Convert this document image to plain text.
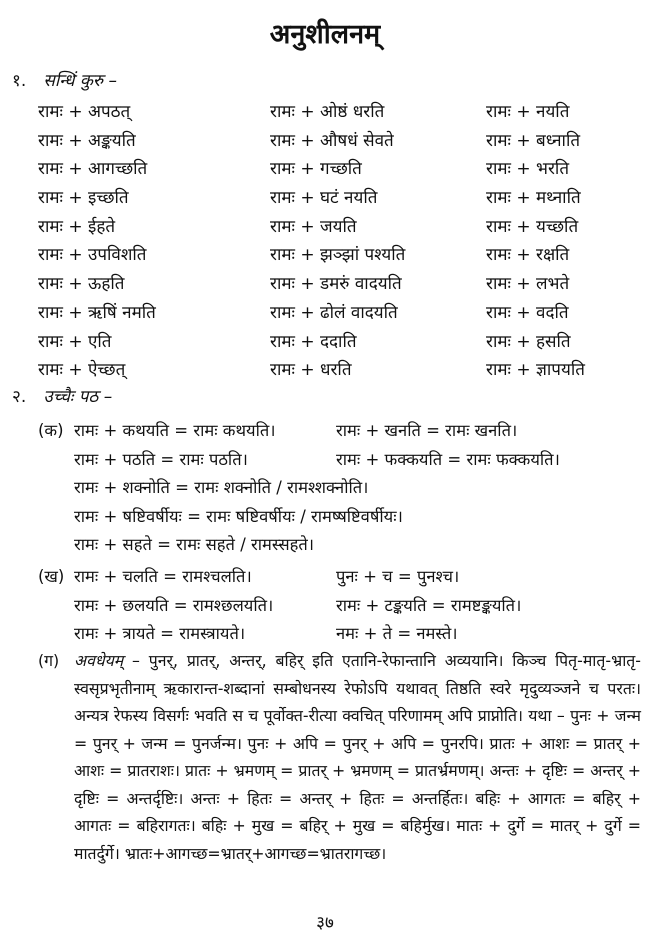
अनुशीलनम्
१. सन्धिं कुरु –
रामः + अपठत्	रामः + ओष्ठं धरति	रामः + नयति
रामः + अङ्कयति	रामः + औषधं सेवते	रामः + बध्नाति
रामः + आगच्छति	रामः + गच्छति	रामः + भरति
रामः + इच्छति	रामः + घटं नयति	रामः + मथ्नाति
रामः + ईहते	रामः + जयति	रामः + यच्छति
रामः + उपविशति	रामः + झञ्झां पश्यति	रामः + रक्षति
रामः + ऊहति	रामः + डमरुं वादयति	रामः + लभते
रामः + ऋषिं नमति	रामः + ढोलं वादयति	रामः + वदति
रामः + एति	रामः + ददाति	रामः + हसति
रामः + ऐच्छत्	रामः + धरति	रामः + ज्ञापयति
२. उच्चैः पठ –
(क) रामः + कथयति = रामः कथयति।	रामः + खनति = रामः खनति।
रामः + पठति = रामः पठति।	रामः + फक्कयति = रामः फक्कयति।
रामः + शक्नोति = रामः शक्नोति / रामश्शक्नोति।
रामः + षष्टिवर्षीयः = रामः षष्टिवर्षीयः / रामष्षष्टिवर्षीयः।
रामः + सहते = रामः सहते / रामस्सहते।
(ख) रामः + चलति = रामश्चलति।	पुनः + च = पुनश्च।
रामः + छलयति = रामश्छलयति।	रामः + टङ्कयति = रामष्टङ्कयति।
रामः + त्रायते = रामस्त्रायते।	नमः + ते = नमस्ते।
(ग) अवधेयम् – पुनर्, प्रातर्, अन्तर्, बहिर् इति एतानि-रेफान्तानि अव्ययानि। किञ्च पितृ-मातृ-भ्रातृ-स्वसृप्रभृतीनाम् ऋकारान्त-शब्दानां सम्बोधनस्य रेफोऽपि यथावत् तिष्ठति स्वरे मृदुव्यञ्जने च परतः। अन्यत्र रेफस्य विसर्गः भवति स च पूर्वोक्त-रीत्या क्वचित् परिणामम् अपि प्राप्नोति। यथा – पुनः + जन्म = पुनर् + जन्म = पुनर्जन्म। पुनः + अपि = पुनर् + अपि = पुनरपि। प्रातः + आशः = प्रातर् + आशः = प्रातराशः। प्रातः + भ्रमणम् = प्रातर् + भ्रमणम् = प्रातर्भ्रमणम्। अन्तः + दृष्टिः = अन्तर् + दृष्टिः = अन्तर्दृष्टिः। अन्तः + हितः = अन्तर् + हितः = अन्तर्हितः। बहिः + आगतः = बहिर् + आगतः = बहिरागतः। बहिः + मुख = बहिर् + मुख = बहिर्मुख। मातः + दुर्गे = मातर् + दुर्गे = मातर्दुर्गे। भ्रातः+आगच्छ=भ्रातर्+आगच्छ=भ्रातरागच्छ।
३७
